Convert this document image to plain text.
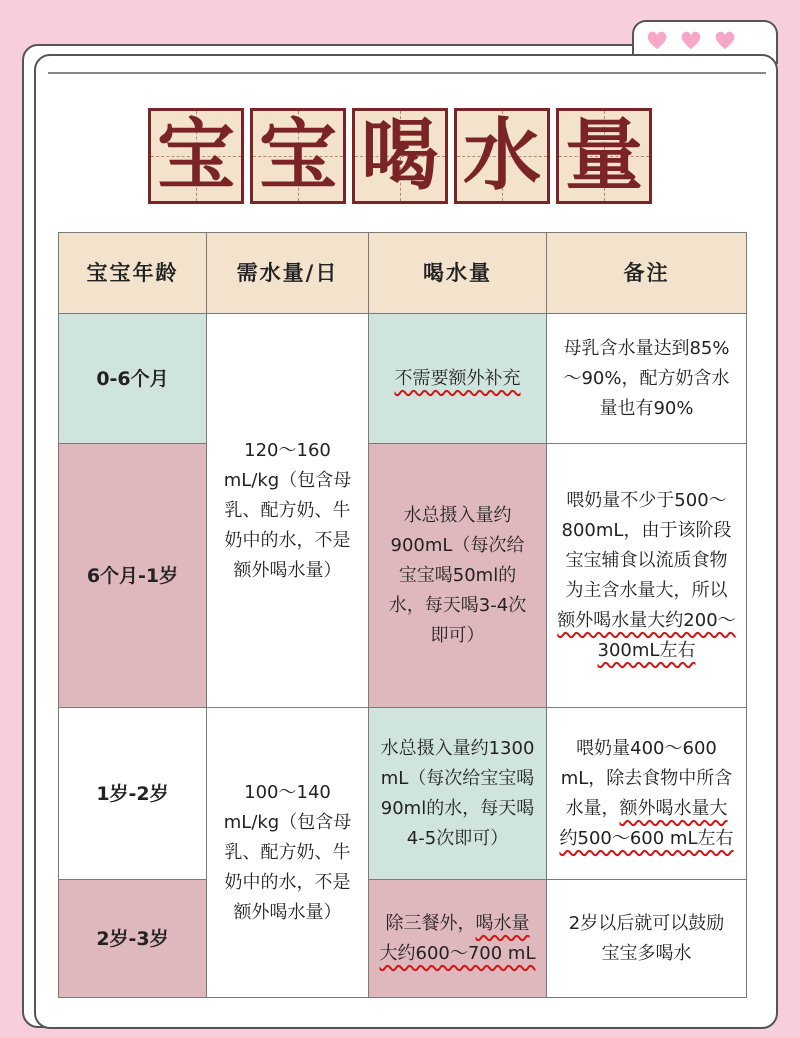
宝 宝 喝 水 量
宝宝年龄	需水量/日	喝水量	备注
0-6个月	120～160 mL/kg（包含母乳、配方奶、牛奶中的水，不是额外喝水量）	不需要额外补充	母乳含水量达到85%～90%，配方奶含水量也有90%
6个月-1岁		水总摄入量约900mL（每次给宝宝喝50ml的水，每天喝3-4次即可）	喂奶量不少于500～800mL，由于该阶段宝宝辅食以流质食物为主含水量大，所以额外喝水量大约200～300mL左右
1岁-2岁	100～140 mL/kg（包含母乳、配方奶、牛奶中的水，不是额外喝水量）	水总摄入量约1300 mL（每次给宝宝喝90ml的水，每天喝4-5次即可）	喂奶量400～600 mL，除去食物中所含水量，额外喝水量大约500～600 mL左右
2岁-3岁		除三餐外，喝水量大约600～700 mL	2岁以后就可以鼓励宝宝多喝水
